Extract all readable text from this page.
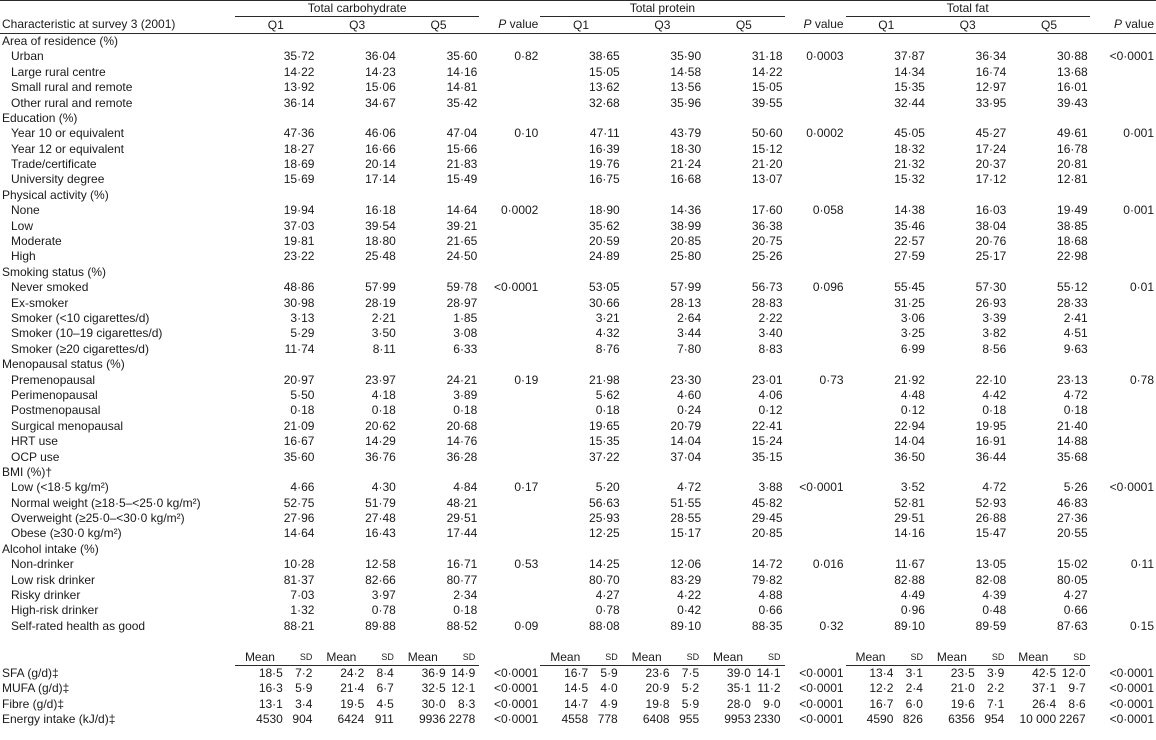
	Total carbohydrate							Total protein							Total fat						
Characteristic at survey 3 (2001)	Q1		Q3		Q5		P value	Q1		Q3		Q5		P value	Q1		Q3		Q5		P value
Area of residence (%)																					
Urban	35·72		36·04		35·60		0·82	38·65		35·90		31·18		0·0003	37·87		36·34		30·88		<0·0001
Large rural centre	14·22		14·23		14·16			15·05		14·58		14·22			14·34		16·74		13·68		
Small rural and remote	13·92		15·06		14·81			13·62		13·56		15·05			15·35		12·97		16·01		
Other rural and remote	36·14		34·67		35·42			32·68		35·96		39·55			32·44		33·95		39·43		
Education (%)																					
Year 10 or equivalent	47·36		46·06		47·04		0·10	47·11		43·79		50·60		0·0002	45·05		45·27		49·61		0·001
Year 12 or equivalent	18·27		16·66		15·66			16·39		18·30		15·12			18·32		17·24		16·78		
Trade/certificate	18·69		20·14		21·83			19·76		21·24		21·20			21·32		20·37		20·81		
University degree	15·69		17·14		15·49			16·75		16·68		13·07			15·32		17·12		12·81		
Physical activity (%)																					
None	19·94		16·18		14·64		0·0002	18·90		14·36		17·60		0·058	14·38		16·03		19·49		0·001
Low	37·03		39·54		39·21			35·62		38·99		36·38			35·46		38·04		38·85		
Moderate	19·81		18·80		21·65			20·59		20·85		20·75			22·57		20·76		18·68		
High	23·22		25·48		24·50			24·89		25·80		25·26			27·59		25·17		22·98		
Smoking status (%)																					
Never smoked	48·86		57·99		59·78		<0·0001	53·05		57·99		56·73		0·096	55·45		57·30		55·12		0·01
Ex-smoker	30·98		28·19		28·97			30·66		28·13		28·83			31·25		26·93		28·33		
Smoker (<10 cigarettes/d)	3·13		2·21		1·85			3·21		2·64		2·22			3·06		3·39		2·41		
Smoker (10–19 cigarettes/d)	5·29		3·50		3·08			4·32		3·44		3·40			3·25		3·82		4·51		
Smoker (≥20 cigarettes/d)	11·74		8·11		6·33			8·76		7·80		8·83			6·99		8·56		9·63		
Menopausal status (%)																					
Premenopausal	20·97		23·97		24·21		0·19	21·98		23·30		23·01		0·73	21·92		22·10		23·13		0·78
Perimenopausal	5·50		4·18		3·89			5·62		4·60		4·06			4·48		4·42		4·72		
Postmenopausal	0·18		0·18		0·18			0·18		0·24		0·12			0·12		0·18		0·18		
Surgical menopausal	21·09		20·62		20·68			19·65		20·79		22·41			22·94		19·95		21·40		
HRT use	16·67		14·29		14·76			15·35		14·04		15·24			14·04		16·91		14·88		
OCP use	35·60		36·76		36·28			37·22		37·04		35·15			36·50		36·44		35·68		
BMI (%)†																					
Low (<18·5 kg/m²)	4·66		4·30		4·84		0·17	5·20		4·72		3·88		<0·0001	3·52		4·72		5·26		<0·0001
Normal weight (≥18·5–<25·0 kg/m²)	52·75		51·79		48·21			56·63		51·55		45·82			52·81		52·93		46·83		
Overweight (≥25·0–<30·0 kg/m²)	27·96		27·48		29·51			25·93		28·55		29·45			29·51		26·88		27·36		
Obese (≥30·0 kg/m²)	14·64		16·43		17·44			12·25		15·17		20·85			14·16		15·47		20·55		
Alcohol intake (%)																					
Non-drinker	10·28		12·58		16·71		0·53	14·25		12·06		14·72		0·016	11·67		13·05		15·02		0·11
Low risk drinker	81·37		82·66		80·77			80·70		83·29		79·82			82·88		82·08		80·05		
Risky drinker	7·03		3·97		2·34			4·27		4·22		4·88			4·49		4·39		4·27		
High-risk drinker	1·32		0·78		0·18			0·78		0·42		0·66			0·96		0·48		0·66		
Self-rated health as good	88·21		89·88		88·52		0·09	88·08		89·10		88·35		0·32	89·10		89·59		87·63		0·15

	Mean	SD	Mean	SD	Mean	SD		Mean	SD	Mean	SD	Mean	SD		Mean	SD	Mean	SD	Mean	SD	
SFA (g/d)‡	18·5	7·2	24·2	8·4	36·9	14·9	<0·0001	16·7	5·9	23·6	7·5	39·0	14·1	<0·0001	13·4	3·1	23·5	3·9	42·5	12·0	<0·0001
MUFA (g/d)‡	16·3	5·9	21·4	6·7	32·5	12·1	<0·0001	14·5	4·0	20·9	5·2	35·1	11·2	<0·0001	12·2	2·4	21·0	2·2	37·1	9·7	<0·0001
Fibre (g/d)‡	13·1	3·4	19·5	4·5	30·0	8·3	<0·0001	14·7	4·9	19·8	5·9	28·0	9·0	<0·0001	16·7	6·0	19·6	7·1	26·4	8·6	<0·0001
Energy intake (kJ/d)‡	4530	904	6424	911	9936	2278	<0·0001	4558	778	6408	955	9953	2330	<0·0001	4590	826	6356	954	10 000	2267	<0·0001
